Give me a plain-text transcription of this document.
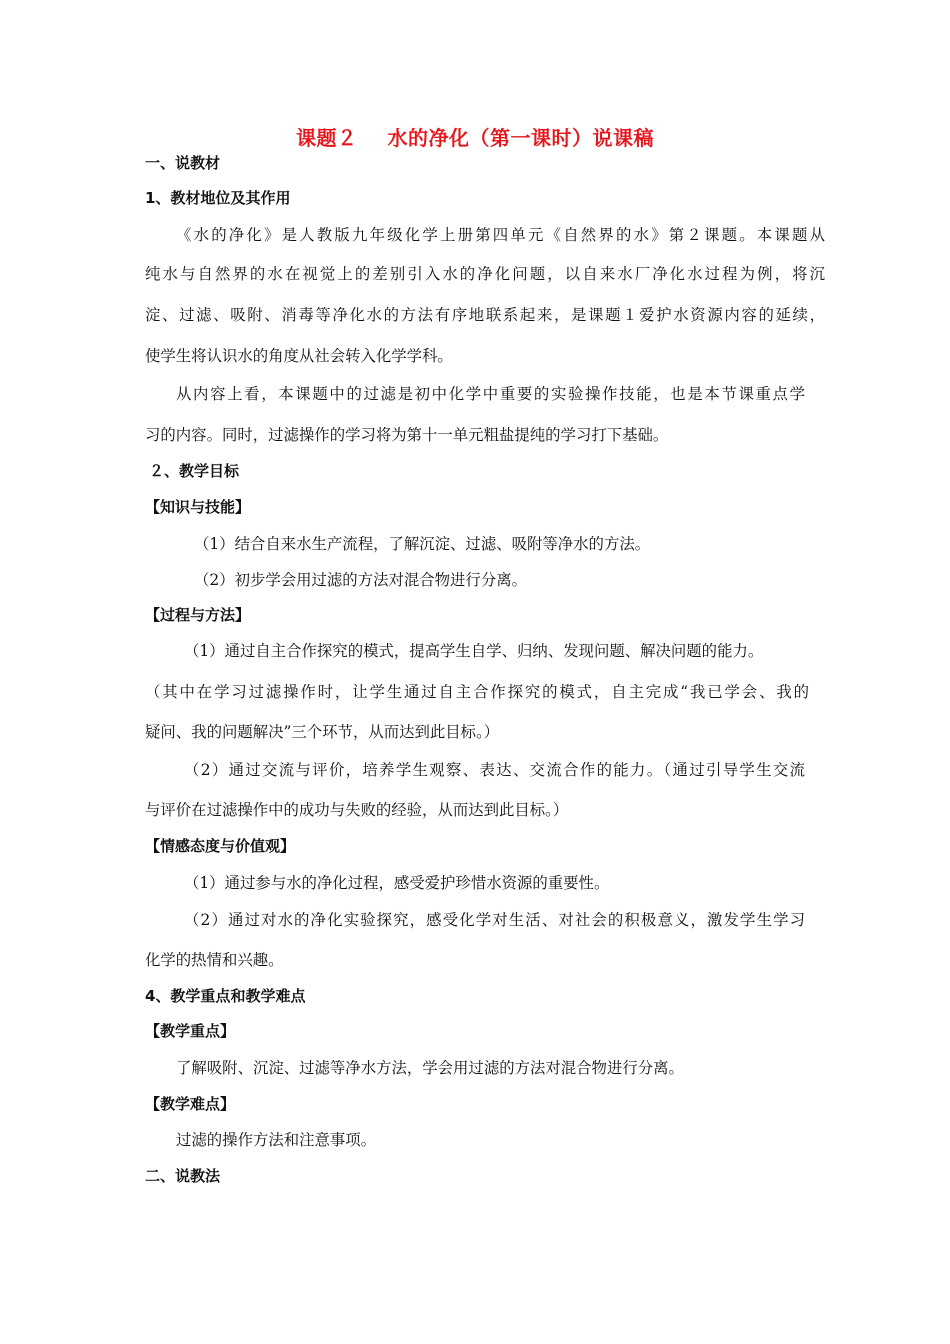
课题２ 水的净化（第一课时）说课稿
一、说教材
1、教材地位及其作用
《水的净化》是人教版九年级化学上册第四单元《自然界的水》第２课题。本课题从
纯水与自然界的水在视觉上的差别引入水的净化问题，以自来水厂净化水过程为例，将沉
淀、过滤、吸附、消毒等净化水的方法有序地联系起来，是课题１爱护水资源内容的延续，
使学生将认识水的角度从社会转入化学学科。
从内容上看，本课题中的过滤是初中化学中重要的实验操作技能，也是本节课重点学
习的内容。同时，过滤操作的学习将为第十一单元粗盐提纯的学习打下基础。
２、教学目标
【知识与技能】
（1）结合自来水生产流程，了解沉淀、过滤、吸附等净水的方法。
（2）初步学会用过滤的方法对混合物进行分离。
【过程与方法】
（1）通过自主合作探究的模式，提高学生自学、归纳、发现问题、解决问题的能力。
（其中在学习过滤操作时，让学生通过自主合作探究的模式，自主完成“我已学会、我的
疑问、我的问题解决”三个环节，从而达到此目标。）
（2）通过交流与评价，培养学生观察、表达、交流合作的能力。（通过引导学生交流
与评价在过滤操作中的成功与失败的经验，从而达到此目标。）
【情感态度与价值观】
（1）通过参与水的净化过程，感受爱护珍惜水资源的重要性。
（2）通过对水的净化实验探究，感受化学对生活、对社会的积极意义，激发学生学习
化学的热情和兴趣。
4、教学重点和教学难点
【教学重点】
了解吸附、沉淀、过滤等净水方法，学会用过滤的方法对混合物进行分离。
【教学难点】
过滤的操作方法和注意事项。
二、说教法
